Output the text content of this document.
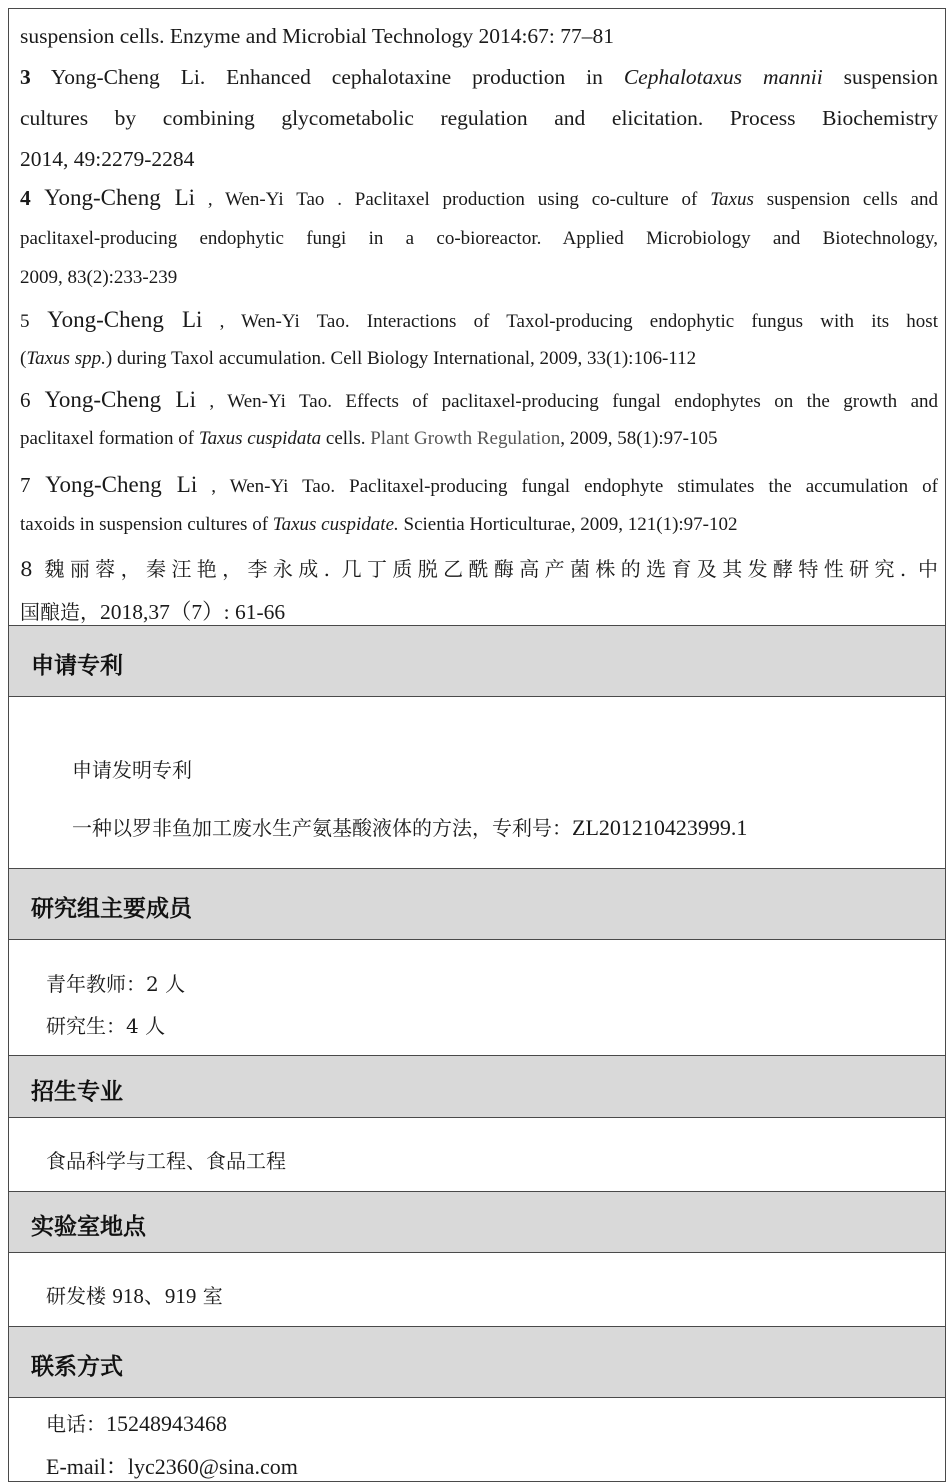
suspension cells. Enzyme and Microbial Technology 2014:67: 77–81
3 Yong-Cheng Li. Enhanced cephalotaxine production in Cephalotaxus mannii suspension
cultures by combining glycometabolic regulation and elicitation. Process Biochemistry
2014, 49:2279-2284
4 Yong-Cheng Li , Wen-Yi Tao . Paclitaxel production using co-culture of Taxus suspension cells and
paclitaxel-producing endophytic fungi in a co-bioreactor. Applied Microbiology and Biotechnology,
2009, 83(2):233-239
5 Yong-Cheng Li , Wen-Yi Tao. Interactions of Taxol-producing endophytic fungus with its host
(Taxus spp.) during Taxol accumulation. Cell Biology International, 2009, 33(1):106-112
6 Yong-Cheng Li , Wen-Yi Tao. Effects of paclitaxel-producing fungal endophytes on the growth and
paclitaxel formation of Taxus cuspidata cells. Plant Growth Regulation, 2009, 58(1):97-105
7 Yong-Cheng Li , Wen-Yi Tao. Paclitaxel-producing fungal endophyte stimulates the accumulation of
taxoids in suspension cultures of Taxus cuspidate. Scientia Horticulturae, 2009, 121(1):97-102
8 魏丽蓉，秦汪艳，李永成. 几丁质脱乙酰酶高产菌株的选育及其发酵特性研究. 中
国酿造，2018,37（7）: 61-66
申请专利
申请发明专利
一种以罗非鱼加工废水生产氨基酸液体的方法，专利号：ZL201210423999.1
研究组主要成员
青年教师：2 人
研究生：4 人
招生专业
食品科学与工程、食品工程
实验室地点
研发楼 918、919 室
联系方式
电话：15248943468
E-mail：lyc2360@sina.com
